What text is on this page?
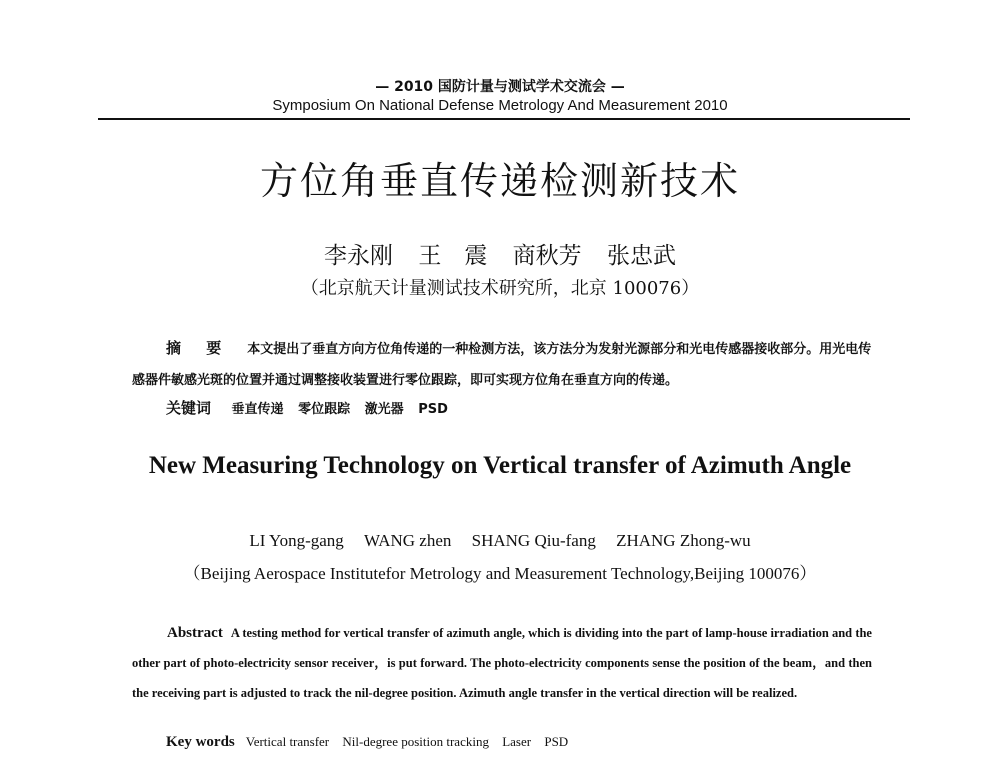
— 2010 国防计量与测试学术交流会 —
Symposium On National Defense Metrology And Measurement 2010
方位角垂直传递检测新技术
李永刚 王　震 商秋芳 张忠武
（北京航天计量测试技术研究所，北京 100076）
摘 要 本文提出了垂直方向方位角传递的一种检测方法，该方法分为发射光源部分和光电传感器接收部分。用光电传感器件敏感光斑的位置并通过调整接收装置进行零位跟踪，即可实现方位角在垂直方向的传递。
关键词 垂直传递 零位跟踪 激光器 PSD
New Measuring Technology on Vertical transfer of Azimuth Angle
LI Yong-gang WANG zhen SHANG Qiu-fang ZHANG Zhong-wu
（Beijing Aerospace Institutefor Metrology and Measurement Technology,Beijing 100076）
Abstract A testing method for vertical transfer of azimuth angle, which is dividing into the part of lamp-house irradiation and the other part of photo-electricity sensor receiver，is put forward. The photo-electricity components sense the position of the beam，and then the receiving part is adjusted to track the nil-degree position. Azimuth angle transfer in the vertical direction will be realized.
Key words Vertical transfer Nil-degree position tracking Laser PSD
